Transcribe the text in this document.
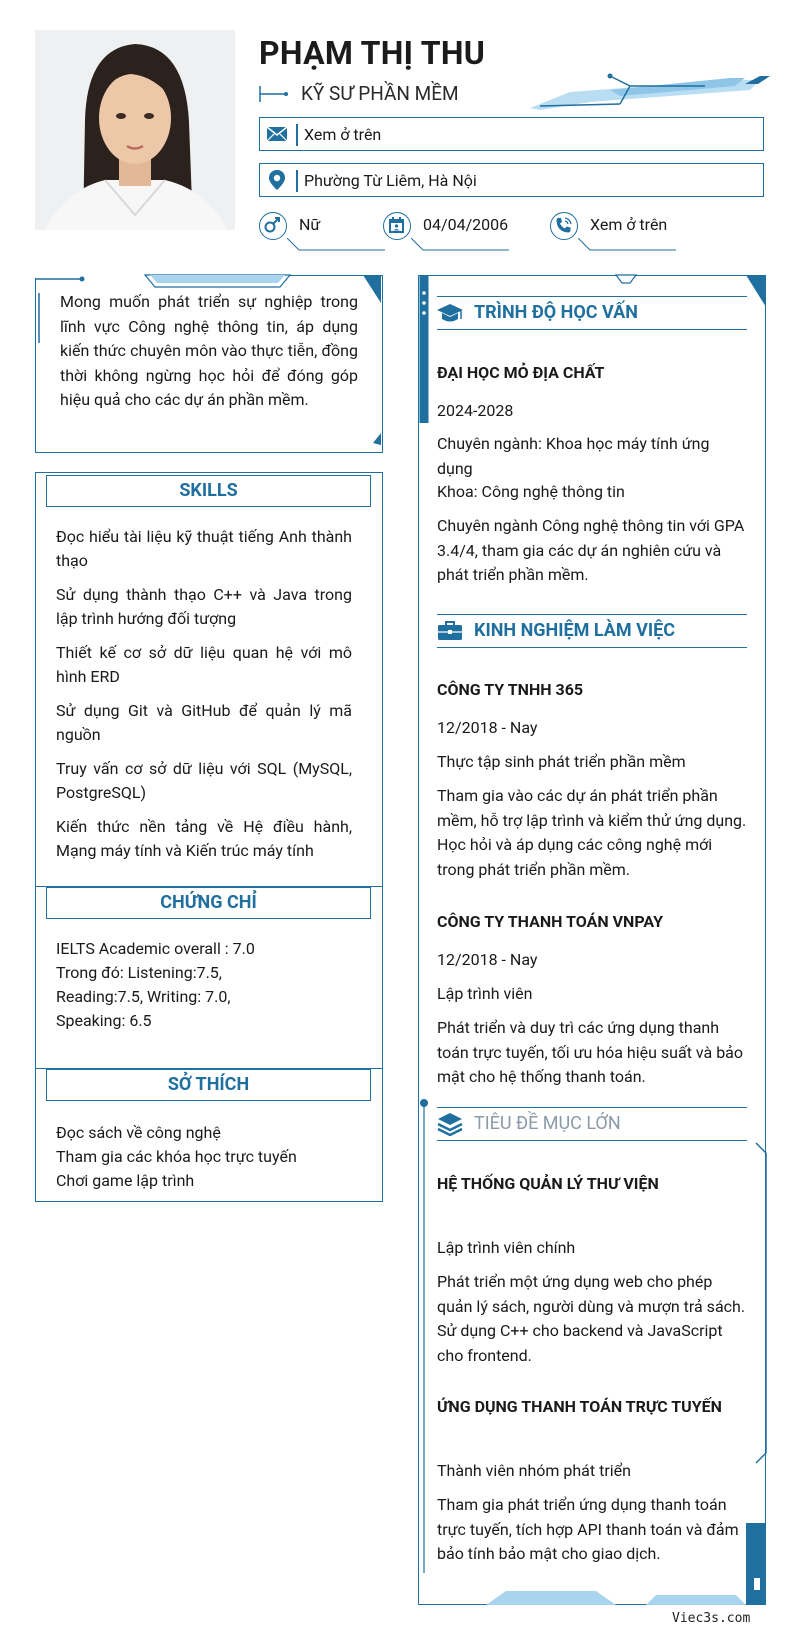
PHẠM THỊ THU
KỸ SƯ PHẦN MỀM
Xem ở trên
Phường Từ Liêm, Hà Nội
Nữ	04/04/2006	Xem ở trên
Mong muốn phát triển sự nghiệp trong lĩnh vực Công nghệ thông tin, áp dụng kiến thức chuyên môn vào thực tiễn, đồng thời không ngừng học hỏi để đóng góp hiệu quả cho các dự án phần mềm.
SKILLS
Đọc hiểu tài liệu kỹ thuật tiếng Anh thành thạo
Sử dụng thành thạo C++ và Java trong lập trình hướng đối tượng
Thiết kế cơ sở dữ liệu quan hệ với mô hình ERD
Sử dụng Git và GitHub để quản lý mã nguồn
Truy vấn cơ sở dữ liệu với SQL (MySQL, PostgreSQL)
Kiến thức nền tảng về Hệ điều hành, Mạng máy tính và Kiến trúc máy tính
CHỨNG CHỈ
IELTS Academic overall : 7.0
Trong đó: Listening:7.5,
Reading:7.5, Writing: 7.0,
Speaking: 6.5
SỞ THÍCH
Đọc sách về công nghệ
Tham gia các khóa học trực tuyến
Chơi game lập trình
TRÌNH ĐỘ HỌC VẤN
ĐẠI HỌC MỎ ĐỊA CHẤT
2024-2028
Chuyên ngành: Khoa học máy tính ứng dụng
Khoa: Công nghệ thông tin
Chuyên ngành Công nghệ thông tin với GPA 3.4/4, tham gia các dự án nghiên cứu và phát triển phần mềm.
KINH NGHIỆM LÀM VIỆC
CÔNG TY TNHH 365
12/2018 - Nay
Thực tập sinh phát triển phần mềm
Tham gia vào các dự án phát triển phần mềm, hỗ trợ lập trình và kiểm thử ứng dụng. Học hỏi và áp dụng các công nghệ mới trong phát triển phần mềm.
CÔNG TY THANH TOÁN VNPAY
12/2018 - Nay
Lập trình viên
Phát triển và duy trì các ứng dụng thanh toán trực tuyến, tối ưu hóa hiệu suất và bảo mật cho hệ thống thanh toán.
TIÊU ĐỀ MỤC LỚN
HỆ THỐNG QUẢN LÝ THƯ VIỆN
Lập trình viên chính
Phát triển một ứng dụng web cho phép quản lý sách, người dùng và mượn trả sách. Sử dụng C++ cho backend và JavaScript cho frontend.
ỨNG DỤNG THANH TOÁN TRỰC TUYẾN
Thành viên nhóm phát triển
Tham gia phát triển ứng dụng thanh toán trực tuyến, tích hợp API thanh toán và đảm bảo tính bảo mật cho giao dịch.
Viec3s.com
